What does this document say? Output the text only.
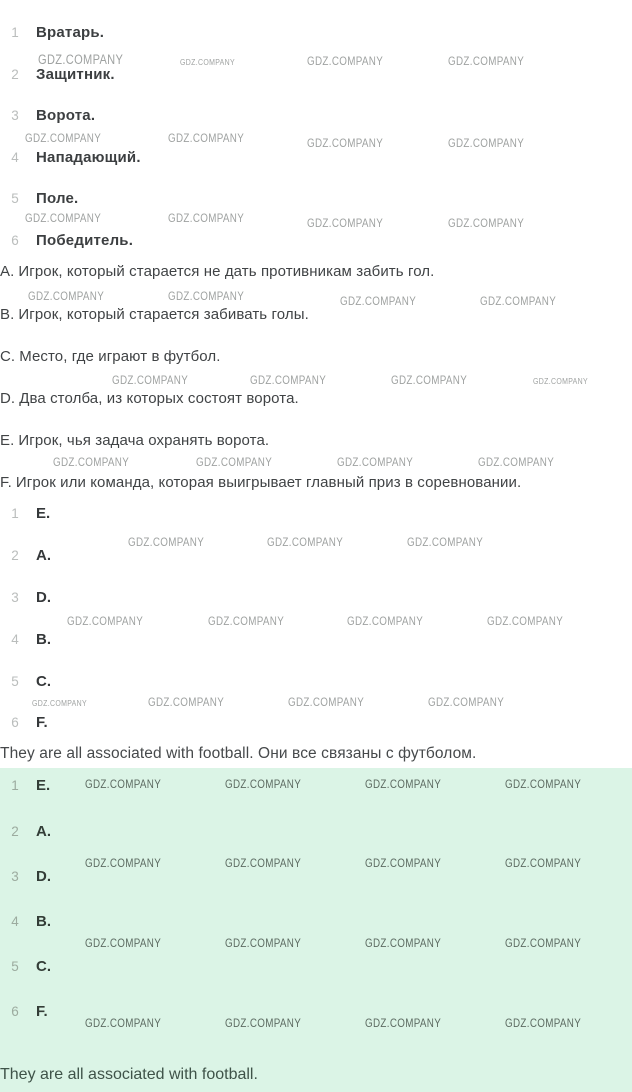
1	Вратарь.
2	Защитник.
3	Ворота.
4	Нападающий.
5	Поле.
6	Победитель.
A. Игрок, который старается не дать противникам забить гол.
B. Игрок, который старается забивать голы.
C. Место, где играют в футбол.
D. Два столба, из которых состоят ворота.
E. Игрок, чья задача охранять ворота.
F. Игрок или команда, которая выигрывает главный приз в соревновании.
1	E.
2	A.
3	D.
4	B.
5	C.
6	F.
They are all associated with football. Они все связаны с футболом.
GDZ.COMPANY	GDZ.COMPANY	GDZ.COMPANY	GDZ.COMPANY
GDZ.COMPANY	GDZ.COMPANY	GDZ.COMPANY	GDZ.COMPANY
GDZ.COMPANY	GDZ.COMPANY	GDZ.COMPANY	GDZ.COMPANY
GDZ.COMPANY	GDZ.COMPANY	GDZ.COMPANY	GDZ.COMPANY
GDZ.COMPANY	GDZ.COMPANY	GDZ.COMPANY	GDZ.COMPANY
GDZ.COMPANY	GDZ.COMPANY	GDZ.COMPANY	GDZ.COMPANY
GDZ.COMPANY	GDZ.COMPANY	GDZ.COMPANY
GDZ.COMPANY	GDZ.COMPANY	GDZ.COMPANY	GDZ.COMPANY
GDZ.COMPANY	GDZ.COMPANY	GDZ.COMPANY	GDZ.COMPANY
1	E.
2	A.
3	D.
4	B.
5	C.
6	F.
GDZ.COMPANY	GDZ.COMPANY	GDZ.COMPANY	GDZ.COMPANY
GDZ.COMPANY	GDZ.COMPANY	GDZ.COMPANY	GDZ.COMPANY
GDZ.COMPANY	GDZ.COMPANY	GDZ.COMPANY	GDZ.COMPANY
GDZ.COMPANY	GDZ.COMPANY	GDZ.COMPANY	GDZ.COMPANY
They are all associated with football.
